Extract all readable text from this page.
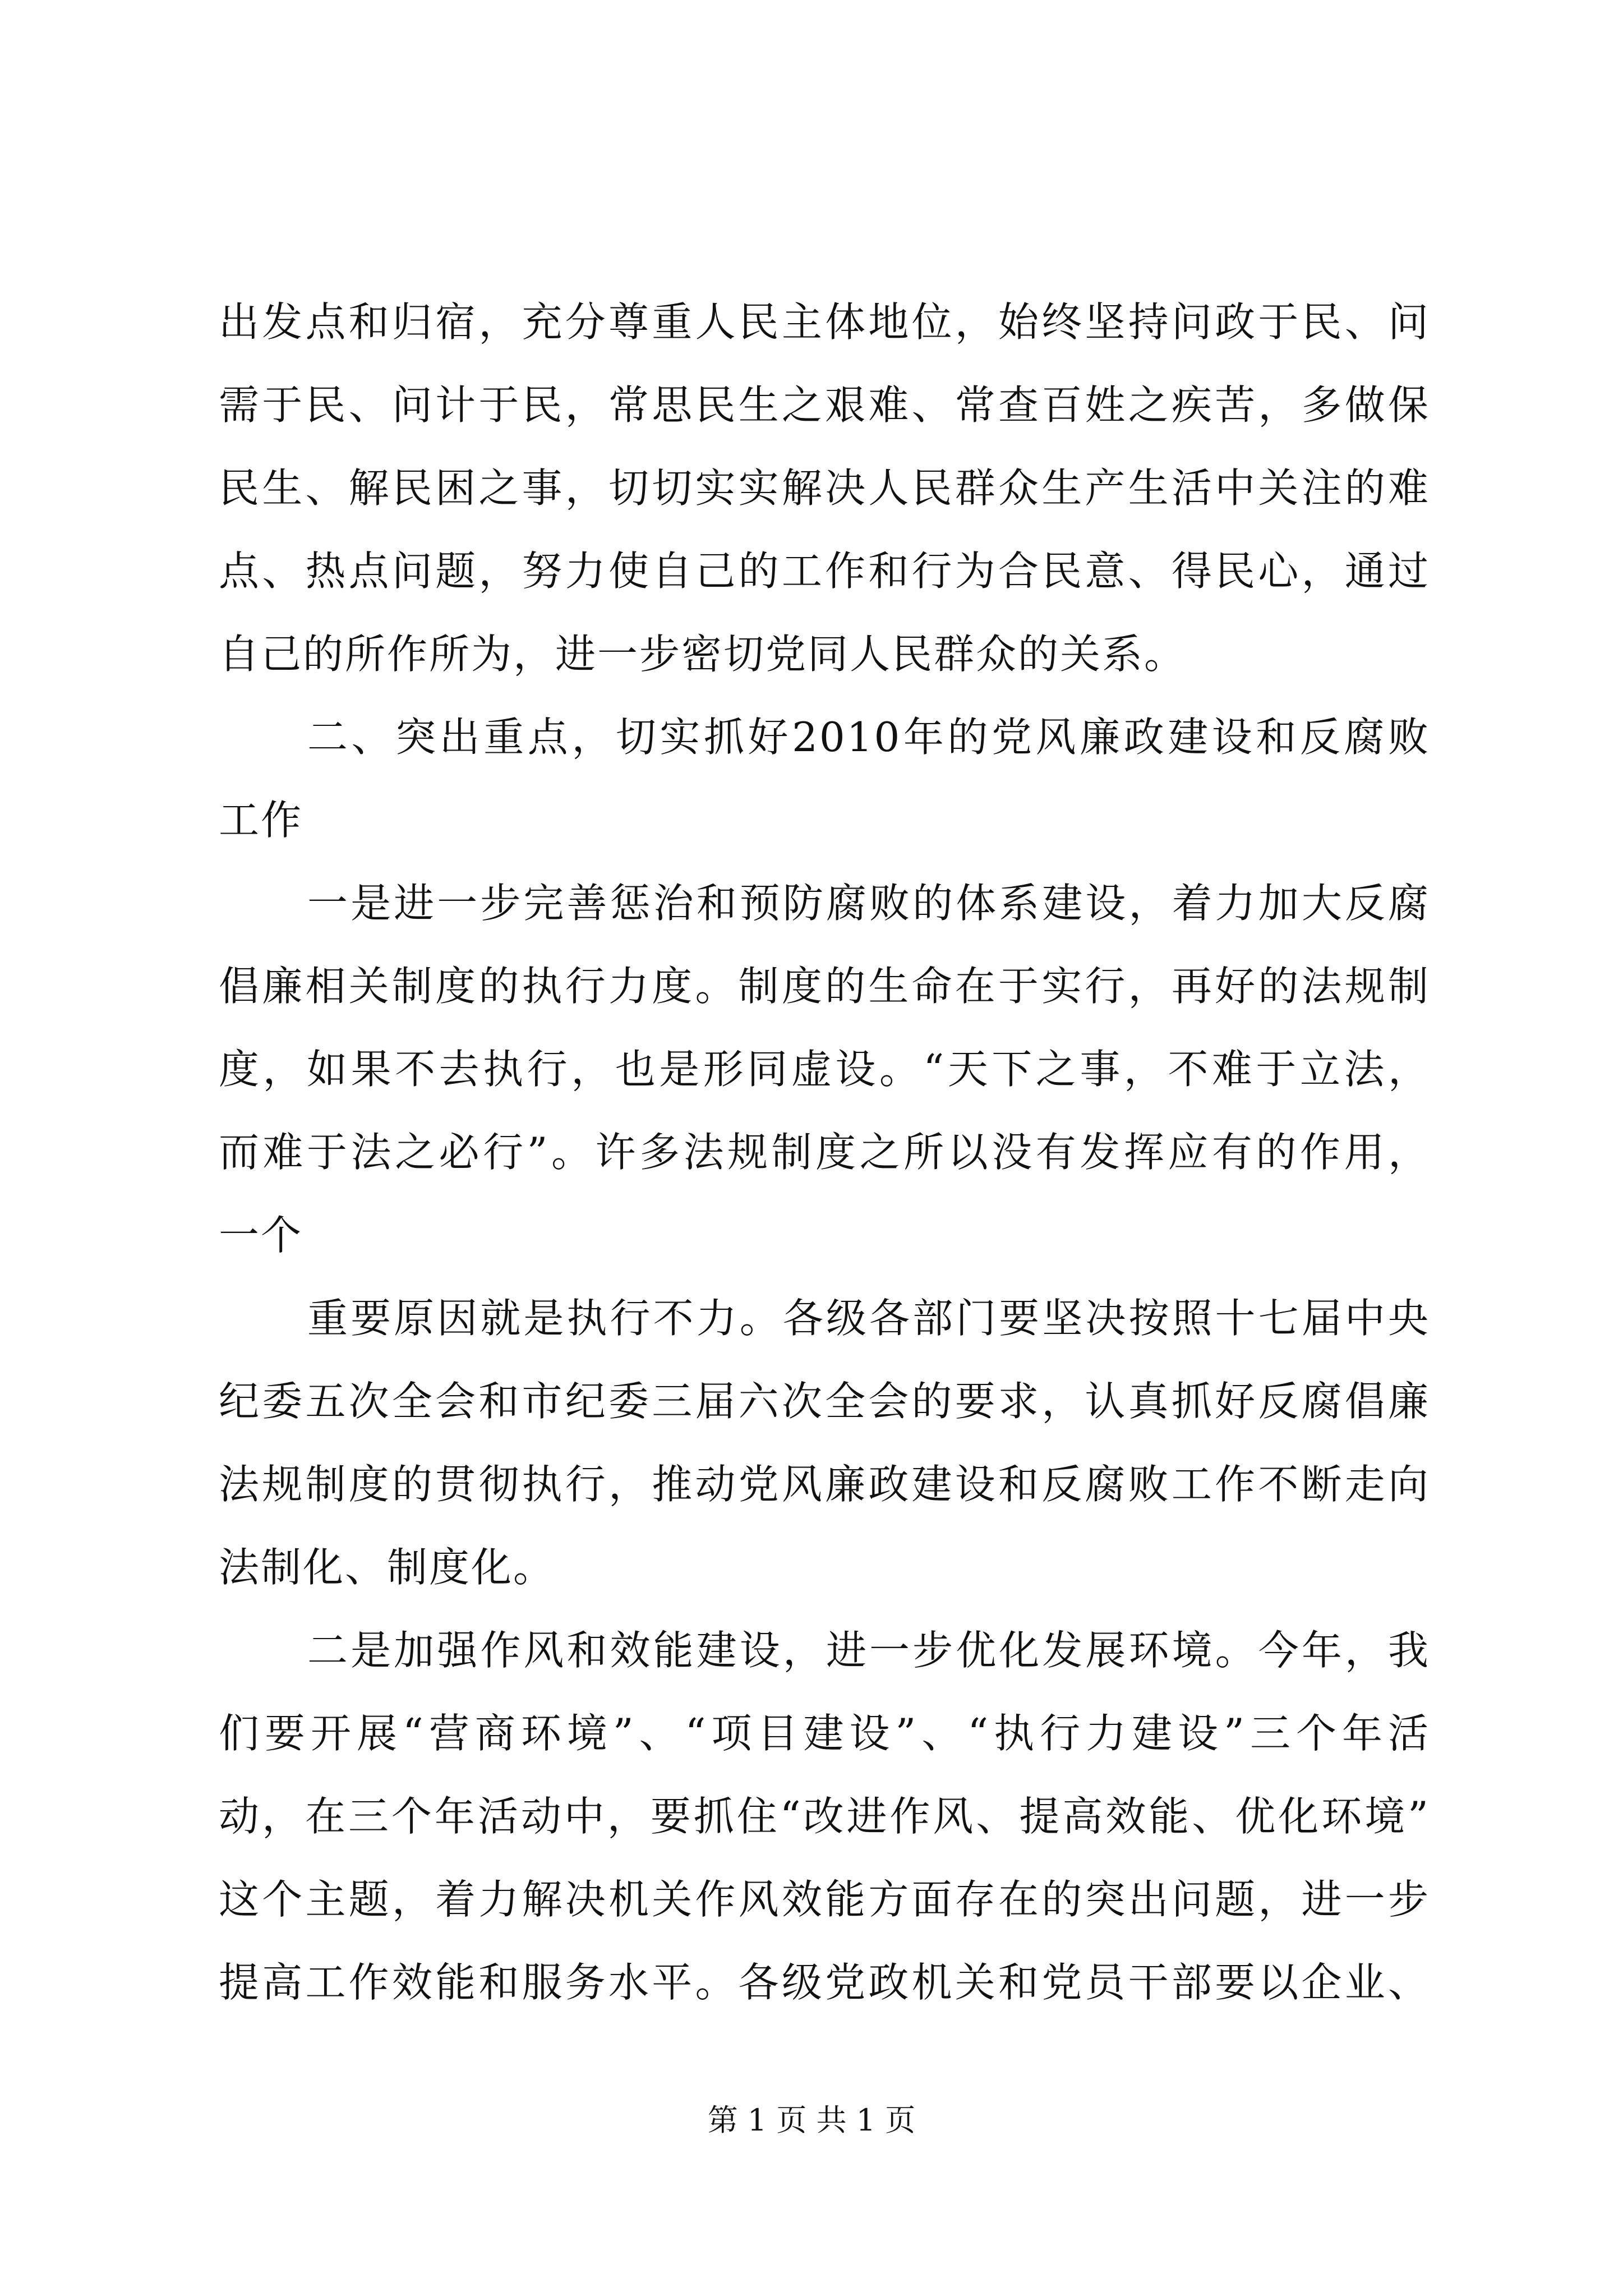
出发点和归宿，充分尊重人民主体地位，始终坚持问政于民、问
需于民、问计于民，常思民生之艰难、常查百姓之疾苦，多做保
民生、解民困之事，切切实实解决人民群众生产生活中关注的难
点、热点问题，努力使自己的工作和行为合民意、得民心，通过
自己的所作所为，进一步密切党同人民群众的关系。
二、突出重点，切实抓好2010年的党风廉政建设和反腐败
工作
一是进一步完善惩治和预防腐败的体系建设，着力加大反腐
倡廉相关制度的执行力度。制度的生命在于实行，再好的法规制
度，如果不去执行，也是形同虚设。“天下之事，不难于立法，
而难于法之必行”。许多法规制度之所以没有发挥应有的作用，
一个
重要原因就是执行不力。各级各部门要坚决按照十七届中央
纪委五次全会和市纪委三届六次全会的要求，认真抓好反腐倡廉
法规制度的贯彻执行，推动党风廉政建设和反腐败工作不断走向
法制化、制度化。
二是加强作风和效能建设，进一步优化发展环境。今年，我
们要开展“营商环境”、“项目建设”、“执行力建设”三个年活
动，在三个年活动中，要抓住“改进作风、提高效能、优化环境”
这个主题，着力解决机关作风效能方面存在的突出问题，进一步
提高工作效能和服务水平。各级党政机关和党员干部要以企业、
第 1 页 共 1 页
